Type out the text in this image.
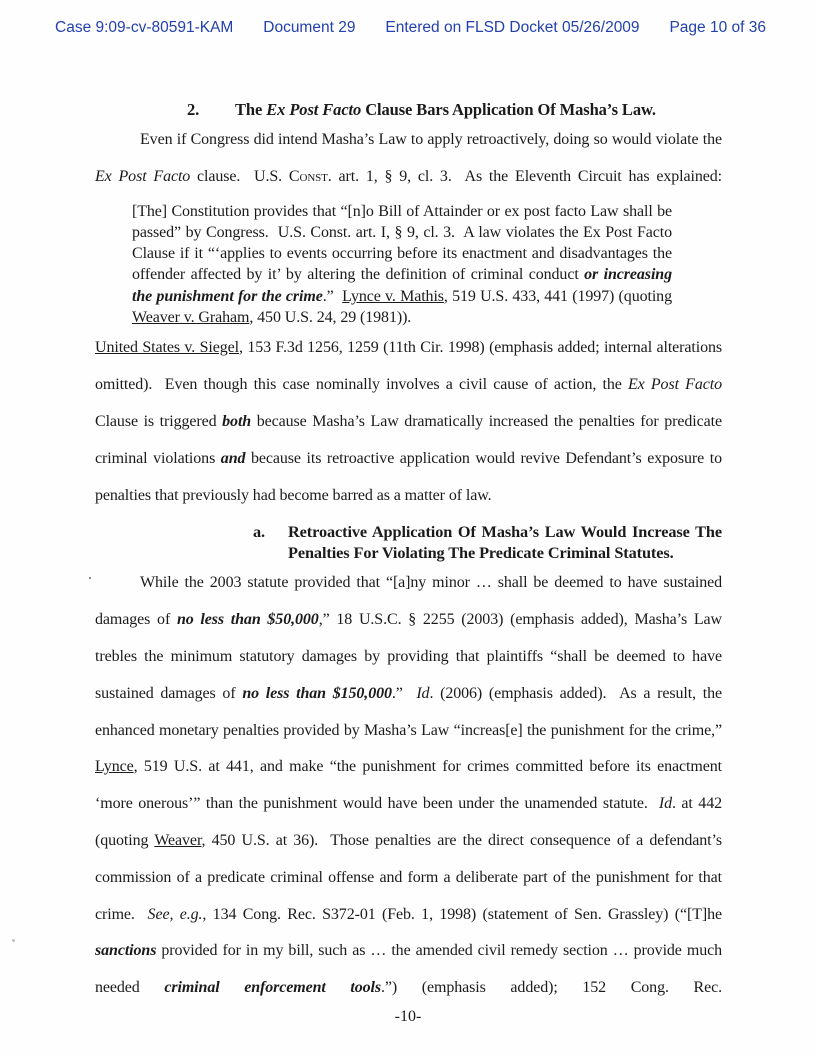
Case 9:09-cv-80591-KAM Document 29 Entered on FLSD Docket 05/26/2009 Page 10 of 36
2.	The Ex Post Facto Clause Bars Application Of Masha’s Law.

Even if Congress did intend Masha’s Law to apply retroactively, doing so would violate the Ex Post Facto clause.  U.S. Const. art. 1, § 9, cl. 3.  As the Eleventh Circuit has explained:

[The] Constitution provides that “[n]o Bill of Attainder or ex post facto Law shall be passed” by Congress.  U.S. Const. art. I, § 9, cl. 3.  A law violates the Ex Post Facto Clause if it “‘applies to events occurring before its enactment and disadvantages the offender affected by it’ by altering the definition of criminal conduct or increasing the punishment for the crime.”  Lynce v. Mathis, 519 U.S. 433, 441 (1997) (quoting Weaver v. Graham, 450 U.S. 24, 29 (1981)).

United States v. Siegel, 153 F.3d 1256, 1259 (11th Cir. 1998) (emphasis added; internal alterations omitted).  Even though this case nominally involves a civil cause of action, the Ex Post Facto Clause is triggered both because Masha’s Law dramatically increased the penalties for predicate criminal violations and because its retroactive application would revive Defendant’s exposure to penalties that previously had become barred as a matter of law.

a.	Retroactive Application Of Masha’s Law Would Increase The Penalties For Violating The Predicate Criminal Statutes.

While the 2003 statute provided that “[a]ny minor … shall be deemed to have sustained damages of no less than $50,000,” 18 U.S.C. § 2255 (2003) (emphasis added), Masha’s Law trebles the minimum statutory damages by providing that plaintiffs “shall be deemed to have sustained damages of no less than $150,000.”  Id. (2006) (emphasis added).  As a result, the enhanced monetary penalties provided by Masha’s Law “increas[e] the punishment for the crime,” Lynce, 519 U.S. at 441, and make “the punishment for crimes committed before its enactment ‘more onerous’” than the punishment would have been under the unamended statute.  Id. at 442 (quoting Weaver, 450 U.S. at 36).  Those penalties are the direct consequence of a defendant’s commission of a predicate criminal offense and form a deliberate part of the punishment for that crime.  See, e.g., 134 Cong. Rec. S372-01 (Feb. 1, 1998) (statement of Sen. Grassley) (“[T]he sanctions provided for in my bill, such as … the amended civil remedy section … provide much needed criminal enforcement tools.”) (emphasis added); 152 Cong. Rec.

-10-
